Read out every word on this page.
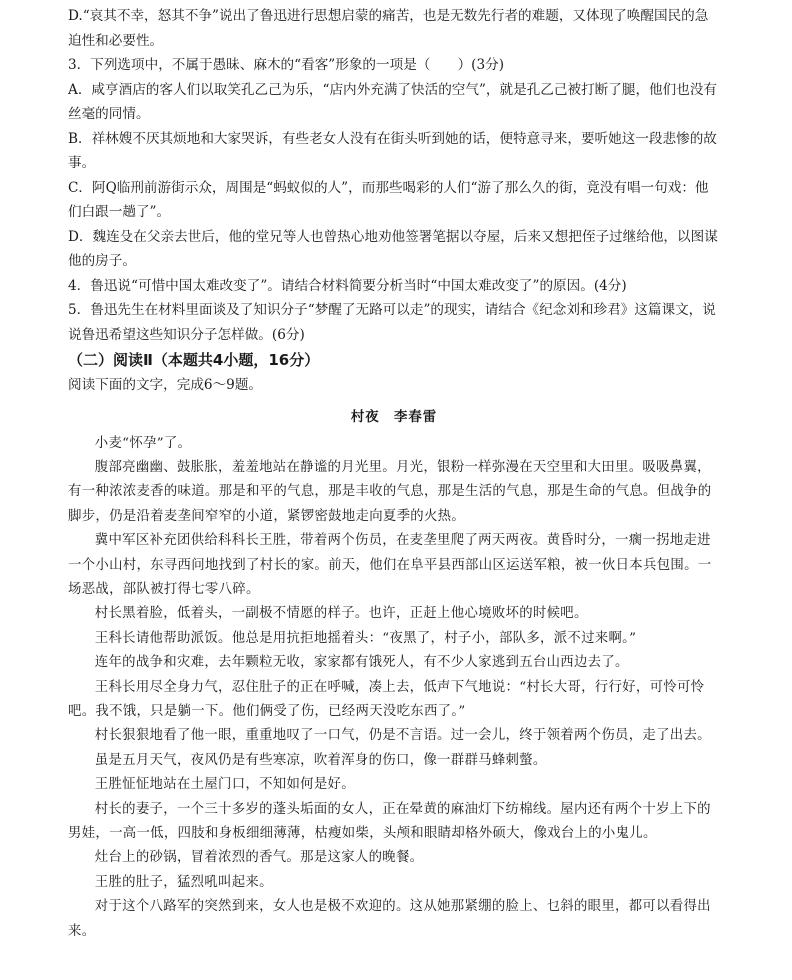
D.“哀其不幸，怒其不争”说出了鲁迅进行思想启蒙的痛苦，也是无数先行者的难题，又体现了唤醒国民的急迫性和必要性。

3．下列选项中，不属于愚昧、麻木的“看客”形象的一项是（　　）(3分)

A．咸亨酒店的客人们以取笑孔乙己为乐，“店内外充满了快活的空气”，就是孔乙己被打断了腿，他们也没有丝毫的同情。

B．祥林嫂不厌其烦地和大家哭诉，有些老女人没有在街头听到她的话，便特意寻来，要听她这一段悲惨的故事。

C．阿Q临刑前游街示众，周围是“蚂蚁似的人”，而那些喝彩的人们“游了那么久的街，竟没有唱一句戏：他们白跟一趟了”。

D．魏连殳在父亲去世后，他的堂兄等人也曾热心地劝他签署笔据以夺屋，后来又想把侄子过继给他，以图谋他的房子。

4．鲁迅说“可惜中国太难改变了”。请结合材料简要分析当时“中国太难改变了”的原因。(4分)

5．鲁迅先生在材料里面谈及了知识分子“梦醒了无路可以走”的现实，请结合《纪念刘和珍君》这篇课文，说说鲁迅希望这些知识分子怎样做。(6分)

（二）阅读Ⅱ（本题共4小题，16分）

阅读下面的文字，完成6～9题。

村夜　李春雷

小麦“怀孕”了。

腹部亮幽幽、鼓胀胀，羞羞地站在静谧的月光里。月光，银粉一样弥漫在天空里和大田里。吸吸鼻翼，有一种浓浓麦香的味道。那是和平的气息，那是丰收的气息，那是生活的气息，那是生命的气息。但战争的脚步，仍是沿着麦垄间窄窄的小道，紧锣密鼓地走向夏季的火热。

冀中军区补充团供给科科长王胜，带着两个伤员，在麦垄里爬了两天两夜。黄昏时分，一瘸一拐地走进一个小山村，东寻西问地找到了村长的家。前天，他们在阜平县西部山区运送军粮，被一伙日本兵包围。一场恶战，部队被打得七零八碎。

村长黑着脸，低着头，一副极不情愿的样子。也许，正赶上他心境败坏的时候吧。

王科长请他帮助派饭。他总是用抗拒地摇着头：“夜黑了，村子小，部队多，派不过来啊。”

连年的战争和灾难，去年颗粒无收，家家都有饿死人，有不少人家逃到五台山西边去了。

王科长用尽全身力气，忍住肚子的正在呼喊，凑上去，低声下气地说：“村长大哥，行行好，可怜可怜吧。我不饿，只是躺一下。他们俩受了伤，已经两天没吃东西了。”

村长狠狠地看了他一眼，重重地叹了一口气，仍是不言语。过一会儿，终于领着两个伤员，走了出去。

虽是五月天气，夜风仍是有些寒凉，吹着浑身的伤口，像一群群马蜂刺螫。

王胜怔怔地站在土屋门口，不知如何是好。

村长的妻子，一个三十多岁的蓬头垢面的女人，正在晕黄的麻油灯下纺棉线。屋内还有两个十岁上下的男娃，一高一低，四肢和身板细细薄薄，枯瘦如柴，头颅和眼睛却格外硕大，像戏台上的小鬼儿。

灶台上的砂锅，冒着浓烈的香气。那是这家人的晚餐。

王胜的肚子，猛烈吼叫起来。

对于这个八路军的突然到来，女人也是极不欢迎的。这从她那紧绷的脸上、乜斜的眼里，都可以看得出来。
